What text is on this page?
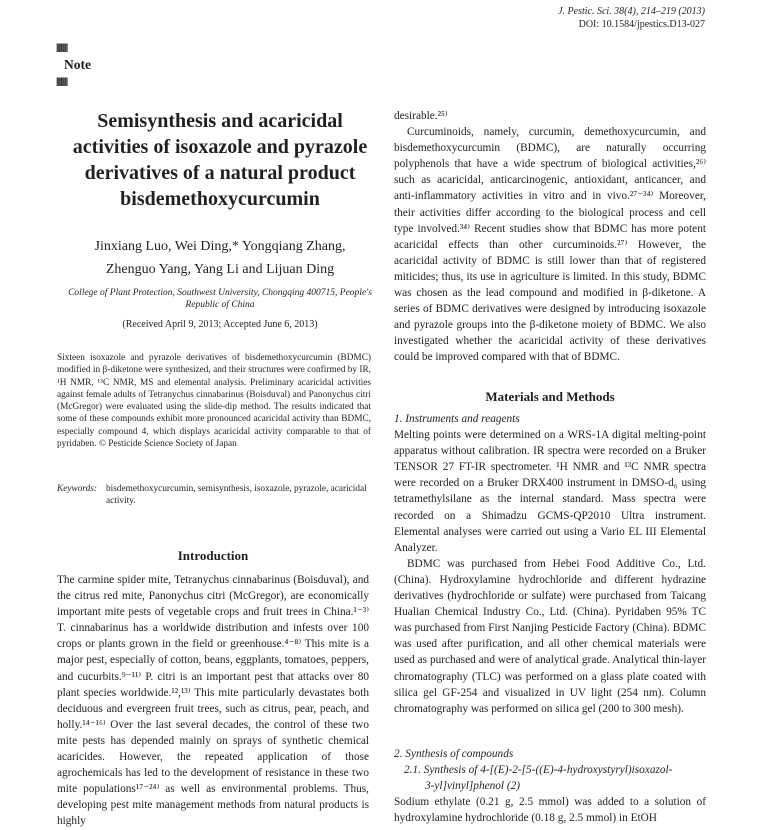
J. Pestic. Sci. 38(4), 214–219 (2013)
DOI: 10.1584/jpestics.D13-027
||||||||||||||||
Note
||||||||||||||||
Semisynthesis and acaricidal activities of isoxazole and pyrazole derivatives of a natural product bisdemethoxycurcumin
Jinxiang Luo, Wei Ding,* Yongqiang Zhang,
Zhenguo Yang, Yang Li and Lijuan Ding
College of Plant Protection, Southwest University, Chongqing 400715, People's Republic of China
(Received April 9, 2013; Accepted June 6, 2013)
Sixteen isoxazole and pyrazole derivatives of bisdemethoxycurcumin (BDMC) modified in β-diketone were synthesized, and their structures were confirmed by IR, ¹H NMR, ¹³C NMR, MS and elemental analysis. Preliminary acaricidal activities against female adults of Tetranychus cinnabarinus (Boisduval) and Panonychus citri (McGregor) were evaluated using the slide-dip method. The results indicated that some of these compounds exhibit more pronounced acaricidal activity than BDMC, especially compound 4, which displays acaricidal activity comparable to that of pyridaben. © Pesticide Science Society of Japan
Keywords: bisdemethoxycurcumin, semisynthesis, isoxazole, pyrazole, acaricidal activity.
Introduction

The carmine spider mite, Tetranychus cinnabarinus (Boisduval), and the citrus red mite, Panonychus citri (McGregor), are economically important mite pests of vegetable crops and fruit trees in China.¹⁻³⁾ T. cinnabarinus has a worldwide distribution and infests over 100 crops or plants grown in the field or greenhouse.⁴⁻⁸⁾ This mite is a major pest, especially of cotton, beans, eggplants, tomatoes, peppers, and cucurbits.⁹⁻¹¹⁾ P. citri is an important pest that attacks over 80 plant species worldwide.¹²,¹³⁾ This mite particularly devastates both deciduous and evergreen fruit trees, such as citrus, pear, peach, and holly.¹⁴⁻¹⁶⁾ Over the last several decades, the control of these two mite pests has depended mainly on sprays of synthetic chemical acaricides. However, the repeated application of those agrochemicals has led to the development of resistance in these two mite populations¹⁷⁻²⁴⁾ as well as environmental problems. Thus, developing pest mite management methods from natural products is highly

desirable.²⁵⁾

Curcuminoids, namely, curcumin, demethoxycurcumin, and bisdemethoxycurcumin (BDMC), are naturally occurring polyphenols that have a wide spectrum of biological activities,²⁶⁾ such as acaricidal, anticarcinogenic, antioxidant, anticancer, and anti-inflammatory activities in vitro and in vivo.²⁷⁻³⁴⁾ Moreover, their activities differ according to the biological process and cell type involved.³⁴⁾ Recent studies show that BDMC has more potent acaricidal effects than other curcuminoids.²⁷⁾ However, the acaricidal activity of BDMC is still lower than that of registered miticides; thus, its use in agriculture is limited. In this study, BDMC was chosen as the lead compound and modified in β-diketone. A series of BDMC derivatives were designed by introducing isoxazole and pyrazole groups into the β-diketone moiety of BDMC. We also investigated whether the acaricidal activity of these derivatives could be improved compared with that of BDMC.

Materials and Methods

1. Instruments and reagents

Melting points were determined on a WRS-1A digital melting-point apparatus without calibration. IR spectra were recorded on a Bruker TENSOR 27 FT-IR spectrometer. ¹H NMR and ¹³C NMR spectra were recorded on a Bruker DRX400 instrument in DMSO-d₆ using tetramethylsilane as the internal standard. Mass spectra were recorded on a Shimadzu GCMS-QP2010 Ultra instrument. Elemental analyses were carried out using a Vario EL III Elemental Analyzer.

BDMC was purchased from Hebei Food Additive Co., Ltd. (China). Hydroxylamine hydrochloride and different hydrazine derivatives (hydrochloride or sulfate) were purchased from Taicang Hualian Chemical Industry Co., Ltd. (China). Pyridaben 95% TC was purchased from First Nanjing Pesticide Factory (China). BDMC was used after purification, and all other chemical materials were used as purchased and were of analytical grade. Analytical thin-layer chromatography (TLC) was performed on a glass plate coated with silica gel GF-254 and visualized in UV light (254 nm). Column chromatography was performed on silica gel (200 to 300 mesh).

2. Synthesis of compounds

2.1. Synthesis of 4-[(E)-2-[5-((E)-4-hydroxystyryl)isoxazol-

3-yl]vinyl]phenol (2)

Sodium ethylate (0.21 g, 2.5 mmol) was added to a solution of hydroxylamine hydrochloride (0.18 g, 2.5 mmol) in EtOH
